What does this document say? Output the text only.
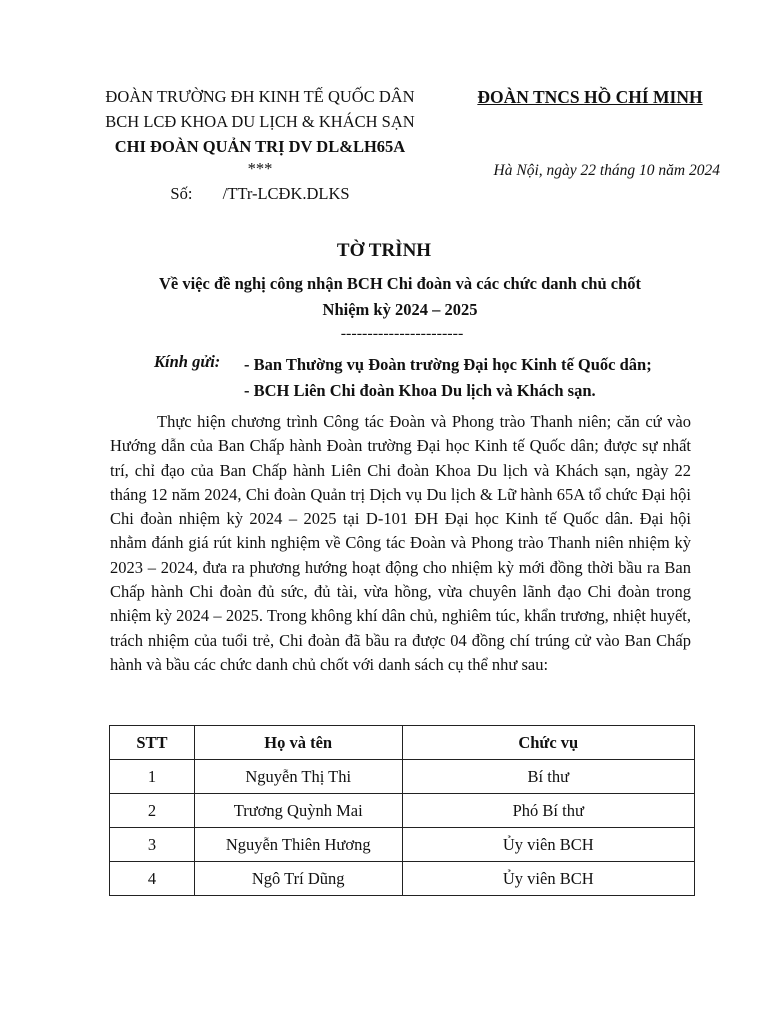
ĐOÀN TRƯỜNG ĐH KINH TẾ QUỐC DÂN
BCH LCĐ KHOA DU LỊCH & KHÁCH SẠN
CHI ĐOÀN QUẢN TRỊ DV DL&LH65A
***
Số: /TTr-LCĐK.DLKS
ĐOÀN TNCS HỒ CHÍ MINH
Hà Nội, ngày 22 tháng 10 năm 2024
TỜ TRÌNH
Về việc đề nghị công nhận BCH Chi đoàn và các chức danh chủ chốt
Nhiệm kỳ 2024 – 2025
-----------------------
Kính gửi: - Ban Thường vụ Đoàn trường Đại học Kinh tế Quốc dân;
- BCH Liên Chi đoàn Khoa Du lịch và Khách sạn.
Thực hiện chương trình Công tác Đoàn và Phong trào Thanh niên; căn cứ vào Hướng dẫn của Ban Chấp hành Đoàn trường Đại học Kinh tế Quốc dân; được sự nhất trí, chỉ đạo của Ban Chấp hành Liên Chi đoàn Khoa Du lịch và Khách sạn, ngày 22 tháng 12 năm 2024, Chi đoàn Quản trị Dịch vụ Du lịch & Lữ hành 65A tổ chức Đại hội Chi đoàn nhiệm kỳ 2024 – 2025 tại D-101 ĐH Đại học Kinh tế Quốc dân. Đại hội nhằm đánh giá rút kinh nghiệm về Công tác Đoàn và Phong trào Thanh niên nhiệm kỳ 2023 – 2024, đưa ra phương hướng hoạt động cho nhiệm kỳ mới đồng thời bầu ra Ban Chấp hành Chi đoàn đủ sức, đủ tài, vừa hồng, vừa chuyên lãnh đạo Chi đoàn trong nhiệm kỳ 2024 – 2025. Trong không khí dân chủ, nghiêm túc, khẩn trương, nhiệt huyết, trách nhiệm của tuổi trẻ, Chi đoàn đã bầu ra được 04 đồng chí trúng cử vào Ban Chấp hành và bầu các chức danh chủ chốt với danh sách cụ thể như sau:
STT	Họ và tên	Chức vụ
1	Nguyễn Thị Thi	Bí thư
2	Trương Quỳnh Mai	Phó Bí thư
3	Nguyễn Thiên Hương	Ủy viên BCH
4	Ngô Trí Dũng	Ủy viên BCH
